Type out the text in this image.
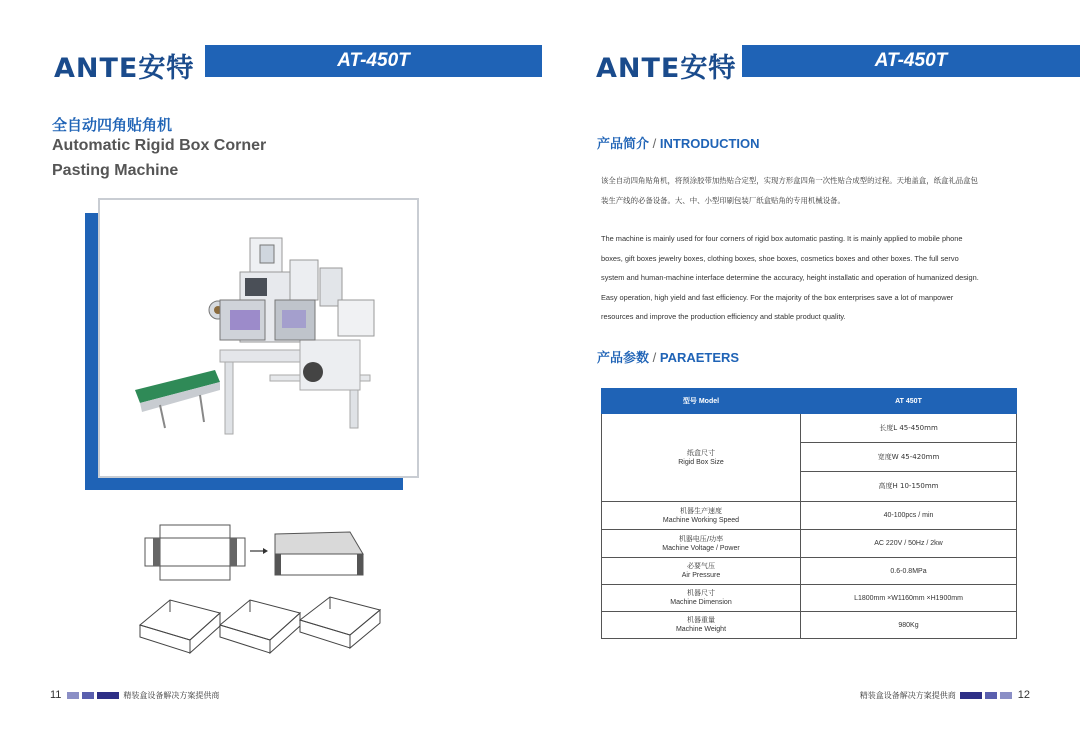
ANTE安特	AT-450T
全自动四角贴角机
Automatic Rigid Box Corner
Pasting Machine
11	精装盒设备解决方案提供商
ANTE安特	AT-450T
产品简介 / INTRODUCTION
该全自动四角贴角机，将预涂胶带加热贴合定型，实现方形盒四角一次性贴合成型的过程。天地盖盒，纸盒礼品盒包
装生产线的必备设备。大、中、小型印刷包装厂纸盒贴角的专用机械设备。
The machine is mainly used for four corners of rigid box automatic pasting. It is mainly applied to mobile phone
boxes, gift boxes jewelry boxes, clothing boxes, shoe boxes, cosmetics boxes and other boxes. The full servo
system and human-machine interface determine the accuracy, height installatic and operation of humanized design.
Easy operation, high yield and fast efficiency. For the majority of the box enterprises save a lot of manpower
resources and improve the production efficiency and stable product quality.
产品参数 / PARAETERS
型号 Model	AT 450T

纸盒尺寸
Rigid Box Size	长度L 45-450mm
	宽度W 45-420mm
	高度H 10-150mm

机器生产速度
Machine Working Speed	40-100pcs / min

机器电压/功率
Machine Voltage / Power	AC 220V / 50Hz / 2kw

必要气压
Air Pressure	0.6-0.8MPa

机器尺寸
Machine Dimension	L1800mm ×W1160mm ×H1900mm

机器重量
Machine Weight	980Kg
精装盒设备解决方案提供商	12
